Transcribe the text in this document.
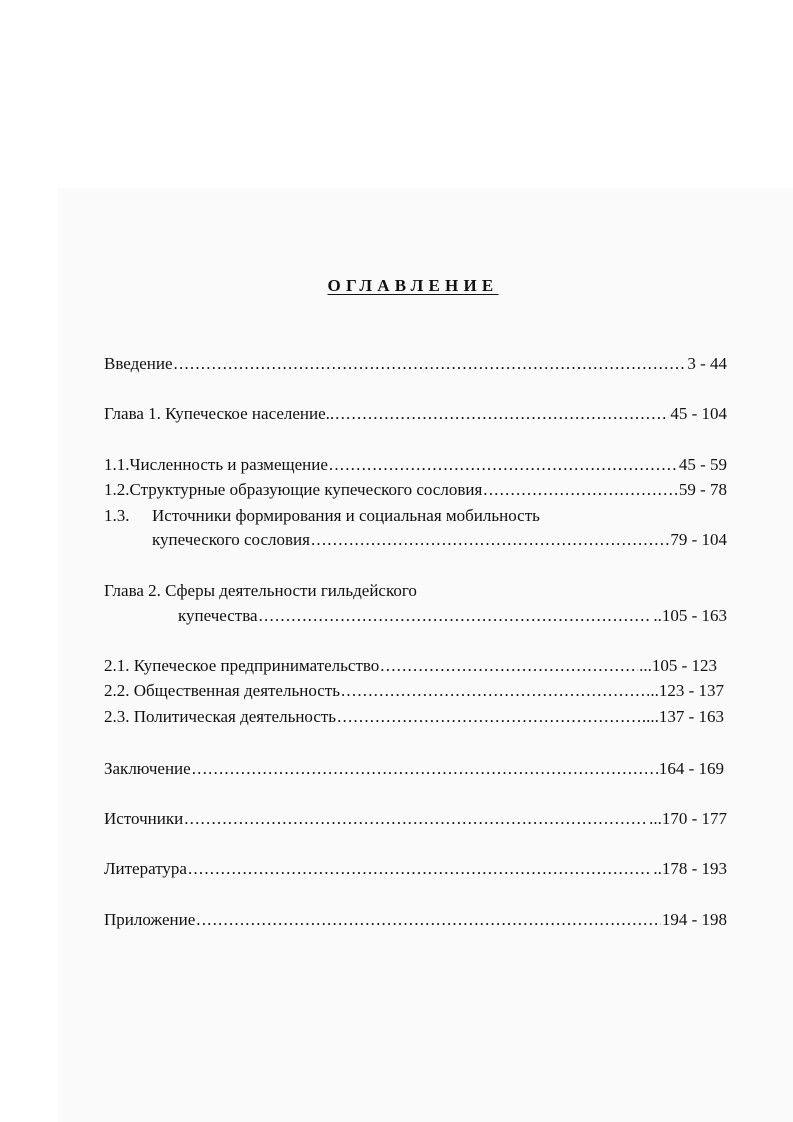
ОГЛАВЛЕНИЕ
Введение .....	3 - 44
Глава 1. Купеческое население.. .....	45 - 104
1.1. Численность и размещение .....	45 - 59
1.2. Структурные образующие купеческого сословия .....	59 - 78
1.3.	Источники формирования и социальная мобильность
купеческого сословия .....	79 - 104
Глава 2. Сферы деятельности гильдейского
купечества .....	..105 - 163
2.1. Купеческое предпринимательство .....	...105 - 123
2.2. Общественная деятельность .....	..123 - 137
2.3. Политическая деятельность .....	....137 - 163
Заключение .....	164 - 169
Источники .....	...170 - 177
Литература .....	..178 - 193
Приложение .....	194 - 198
